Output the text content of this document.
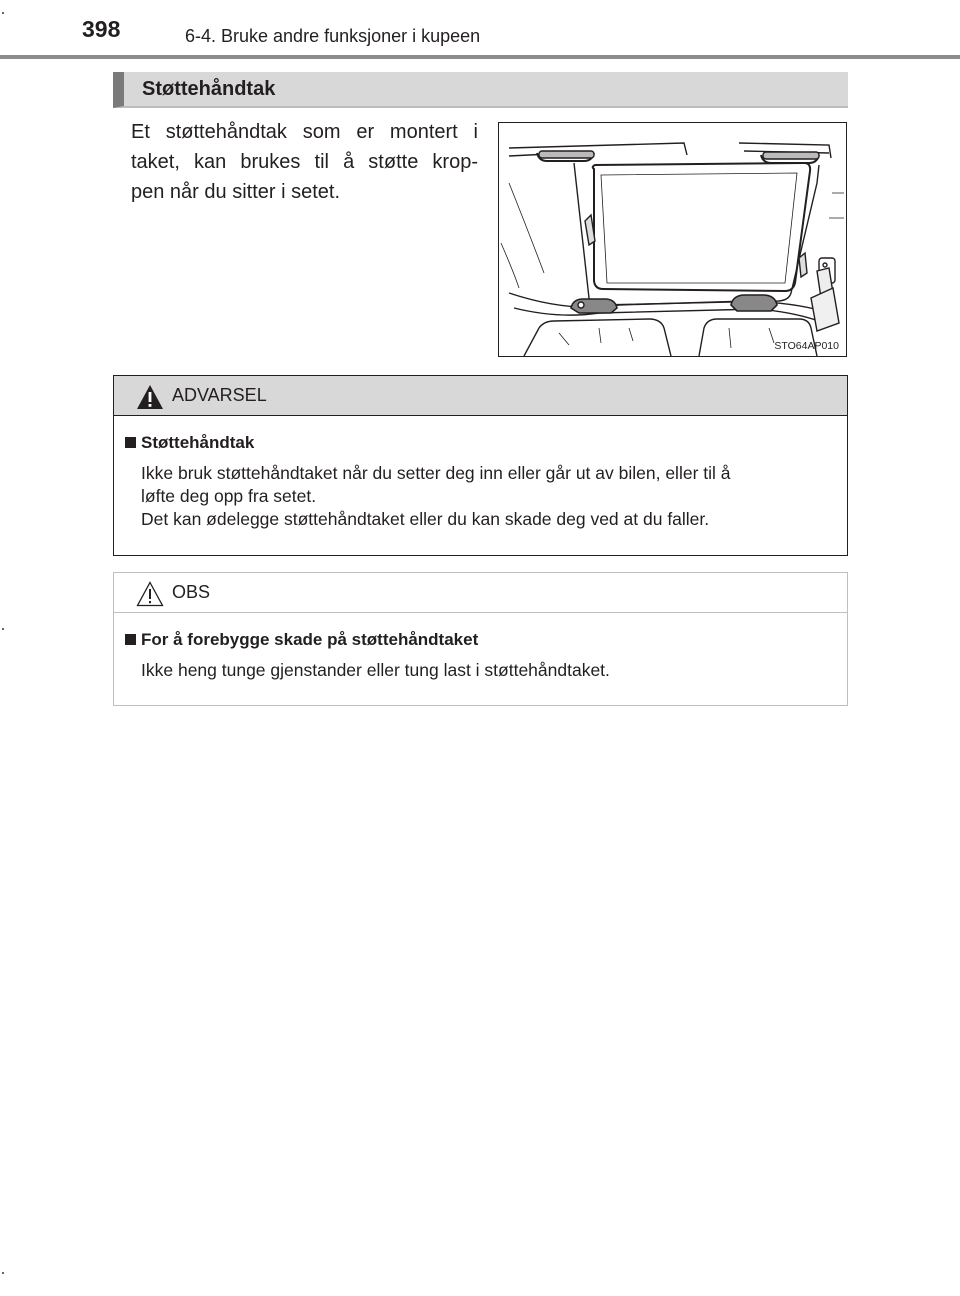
398	6-4. Bruke andre funksjoner i kupeen
Støttehåndtak
Et støttehåndtak som er montert i
taket, kan brukes til å støtte krop-
pen når du sitter i setet.
STO64AP010
ADVARSEL
Støttehåndtak
Ikke bruk støttehåndtaket når du setter deg inn eller går ut av bilen, eller til å
løfte deg opp fra setet.
Det kan ødelegge støttehåndtaket eller du kan skade deg ved at du faller.
OBS
For å forebygge skade på støttehåndtaket
Ikke heng tunge gjenstander eller tung last i støttehåndtaket.
